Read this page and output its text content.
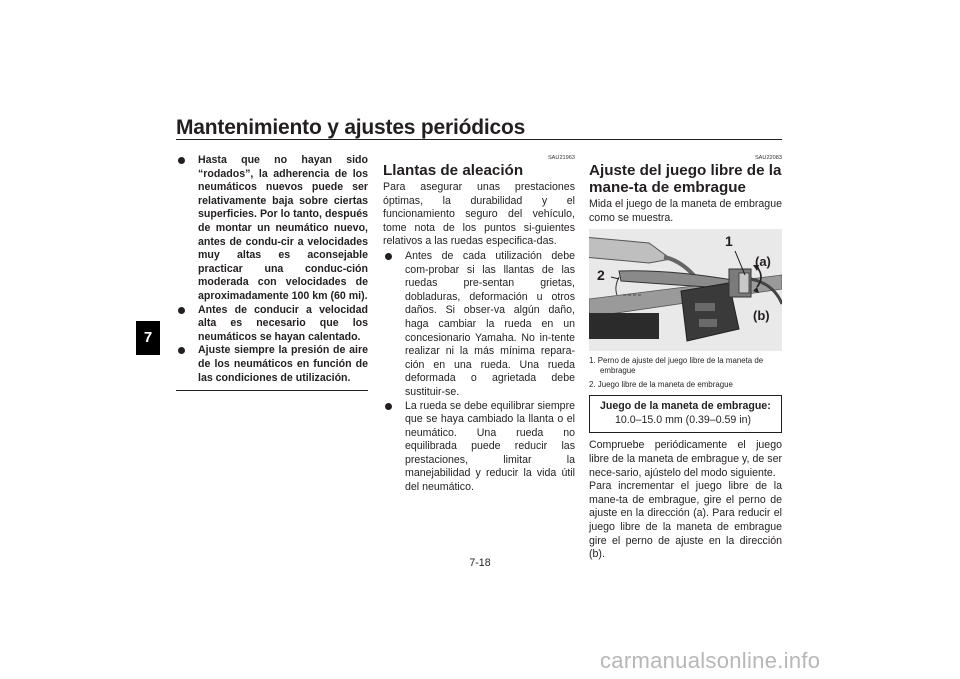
Mantenimiento y ajustes periódicos
7
Hasta que no hayan sido “rodados”, la adherencia de los neumáticos nuevos puede ser relativamente baja sobre ciertas superficies. Por lo tanto, después de montar un neumático nuevo, antes de condu-cir a velocidades muy altas es aconsejable practicar una conduc-ción moderada con velocidades de aproximadamente 100 km (60 mi).
Antes de conducir a velocidad alta es necesario que los neumáticos se hayan calentado.
Ajuste siempre la presión de aire de los neumáticos en función de las condiciones de utilización.
SAU21963
Llantas de aleación

Para asegurar unas prestaciones óptimas, la durabilidad y el funcionamiento seguro del vehículo, tome nota de los puntos si-guientes relativos a las ruedas especifica-das.

Antes de cada utilización debe com-probar si las llantas de las ruedas pre-sentan grietas, dobladuras, deformación u otros daños. Si obser-va algún daño, haga cambiar la rueda en un concesionario Yamaha. No in-tente realizar ni la más mínima repara-ción en una rueda. Una rueda deformada o agrietada debe sustituir-se.
La rueda se debe equilibrar siempre que se haya cambiado la llanta o el neumático. Una rueda no equilibrada puede reducir las prestaciones, limitar la manejabilidad y reducir la vida útil del neumático.
SAU22083
Ajuste del juego libre de la mane-ta de embrague

Mida el juego de la maneta de embrague como se muestra.

1
2
(a)
(b)
1. Perno de ajuste del juego libre de la maneta de embrague
2. Juego libre de la maneta de embrague
Juego de la maneta de embrague:
10.0–15.0 mm (0.39–0.59 in)

Compruebe periódicamente el juego libre de la maneta de embrague y, de ser nece-sario, ajústelo del modo siguiente.

Para incrementar el juego libre de la mane-ta de embrague, gire el perno de ajuste en la dirección (a). Para reducir el juego libre de la maneta de embrague gire el perno de ajuste en la dirección (b).

7-18
carmanualsonline.info
